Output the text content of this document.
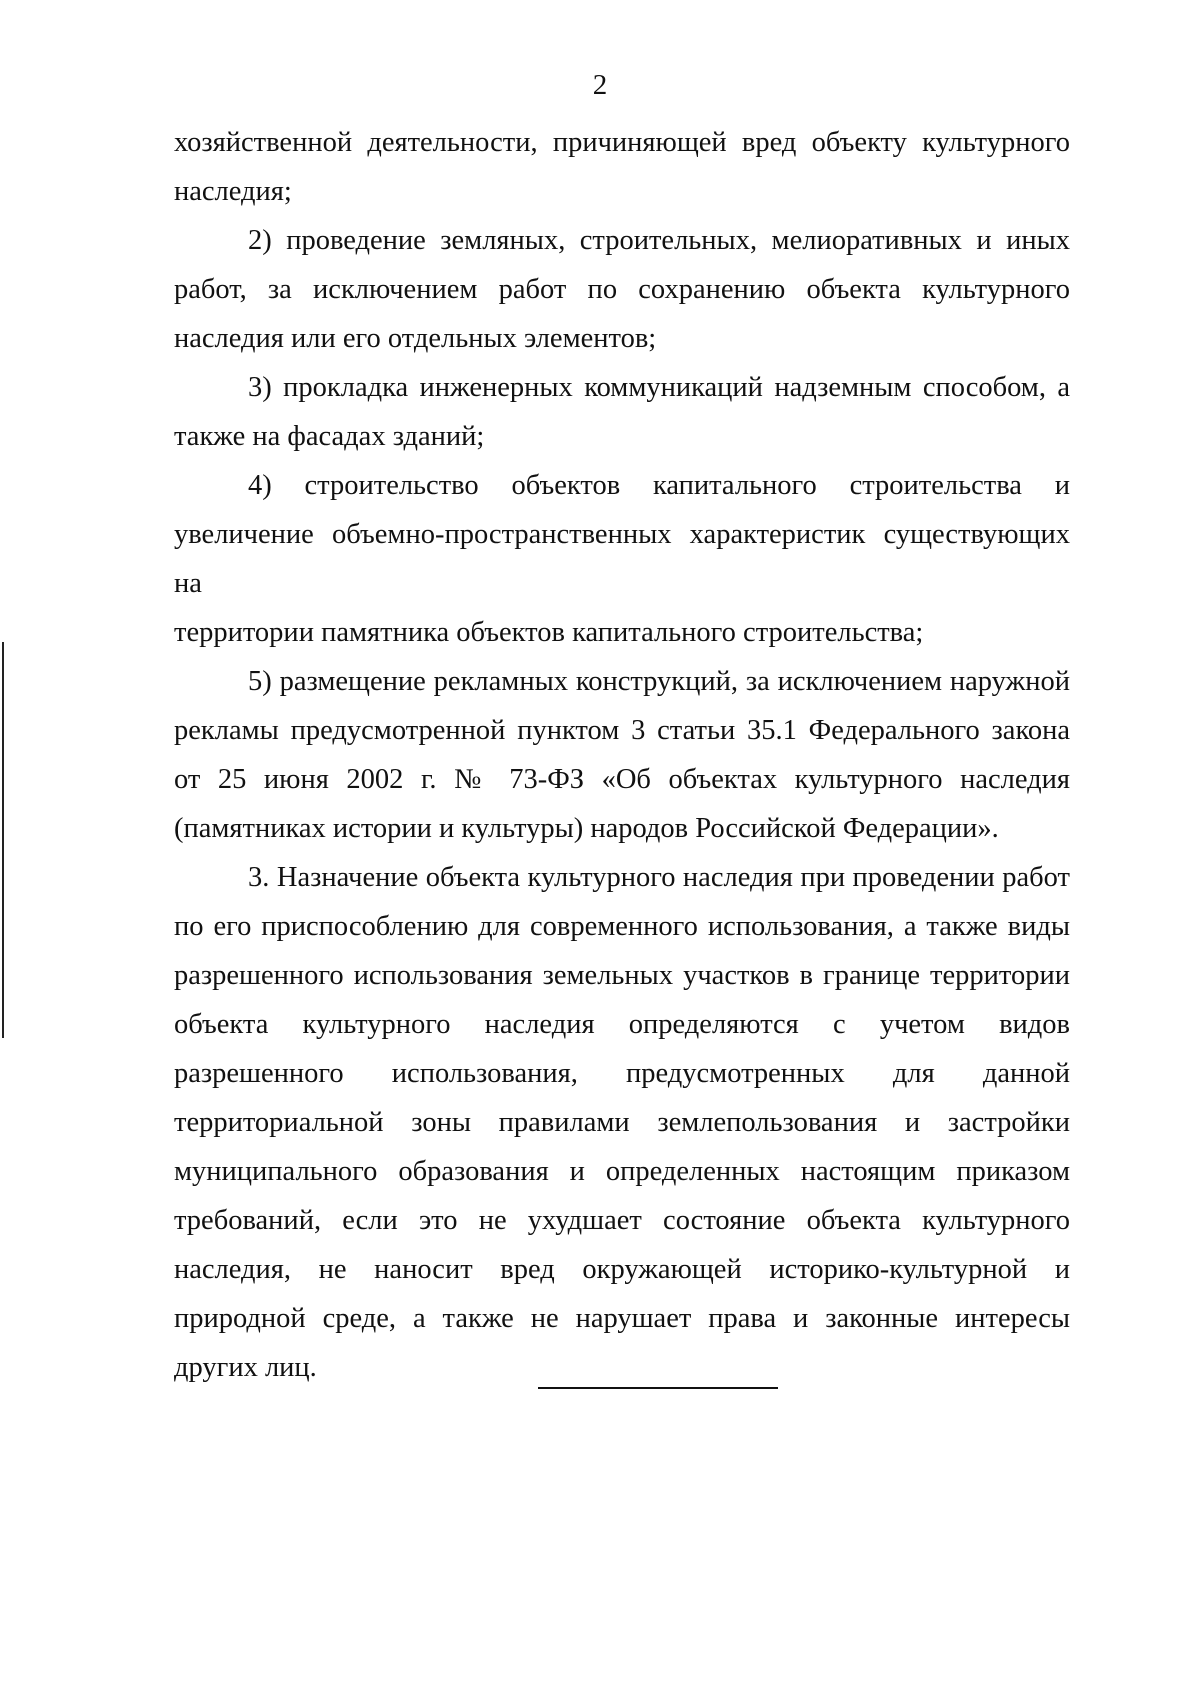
2
хозяйственной деятельности, причиняющей вред объекту культурного
наследия;
2) проведение земляных, строительных, мелиоративных и иных
работ, за исключением работ по сохранению объекта культурного
наследия или его отдельных элементов;
3) прокладка инженерных коммуникаций надземным способом, а
также на фасадах зданий;
4) строительство объектов капитального строительства и
увеличение объемно-пространственных характеристик существующих на
территории памятника объектов капитального строительства;
5) размещение рекламных конструкций, за исключением наружной
рекламы предусмотренной пунктом 3 статьи 35.1 Федерального закона
от 25 июня 2002 г. № 73-ФЗ «Об объектах культурного наследия
(памятниках истории и культуры) народов Российской Федерации».
3. Назначение объекта культурного наследия при проведении работ
по его приспособлению для современного использования, а также виды
разрешенного использования земельных участков в границе территории
объекта культурного наследия определяются с учетом видов
разрешенного использования, предусмотренных для данной
территориальной зоны правилами землепользования и застройки
муниципального образования и определенных настоящим приказом
требований, если это не ухудшает состояние объекта культурного
наследия, не наносит вред окружающей историко-культурной и
природной среде, а также не нарушает права и законные интересы
других лиц.
